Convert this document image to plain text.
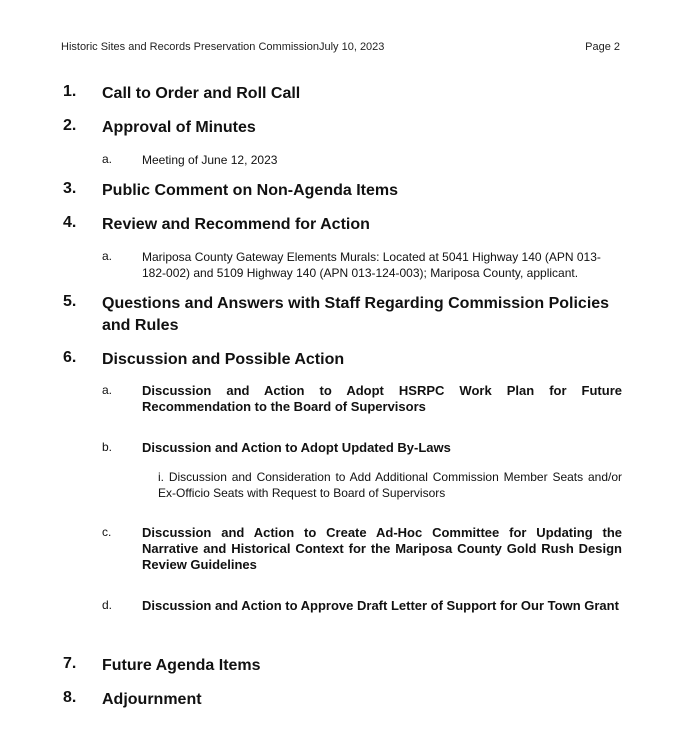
Historic Sites and Records Preservation CommissionJuly 10, 2023	Page 2
1. Call to Order and Roll Call
2. Approval of Minutes
a. Meeting of June 12, 2023
3. Public Comment on Non-Agenda Items
4. Review and Recommend for Action
a. Mariposa County Gateway Elements Murals: Located at 5041 Highway 140 (APN 013-182-002) and 5109 Highway 140 (APN 013-124-003); Mariposa County, applicant.
5. Questions and Answers with Staff Regarding Commission Policies and Rules
6. Discussion and Possible Action
a. Discussion and Action to Adopt HSRPC Work Plan for Future Recommendation to the Board of Supervisors
b. Discussion and Action to Adopt Updated By-Laws
i. Discussion and Consideration to Add Additional Commission Member Seats and/or Ex-Officio Seats with Request to Board of Supervisors
c. Discussion and Action to Create Ad-Hoc Committee for Updating the Narrative and Historical Context for the Mariposa County Gold Rush Design Review Guidelines
d. Discussion and Action to Approve Draft Letter of Support for Our Town Grant
7. Future Agenda Items
8. Adjournment
